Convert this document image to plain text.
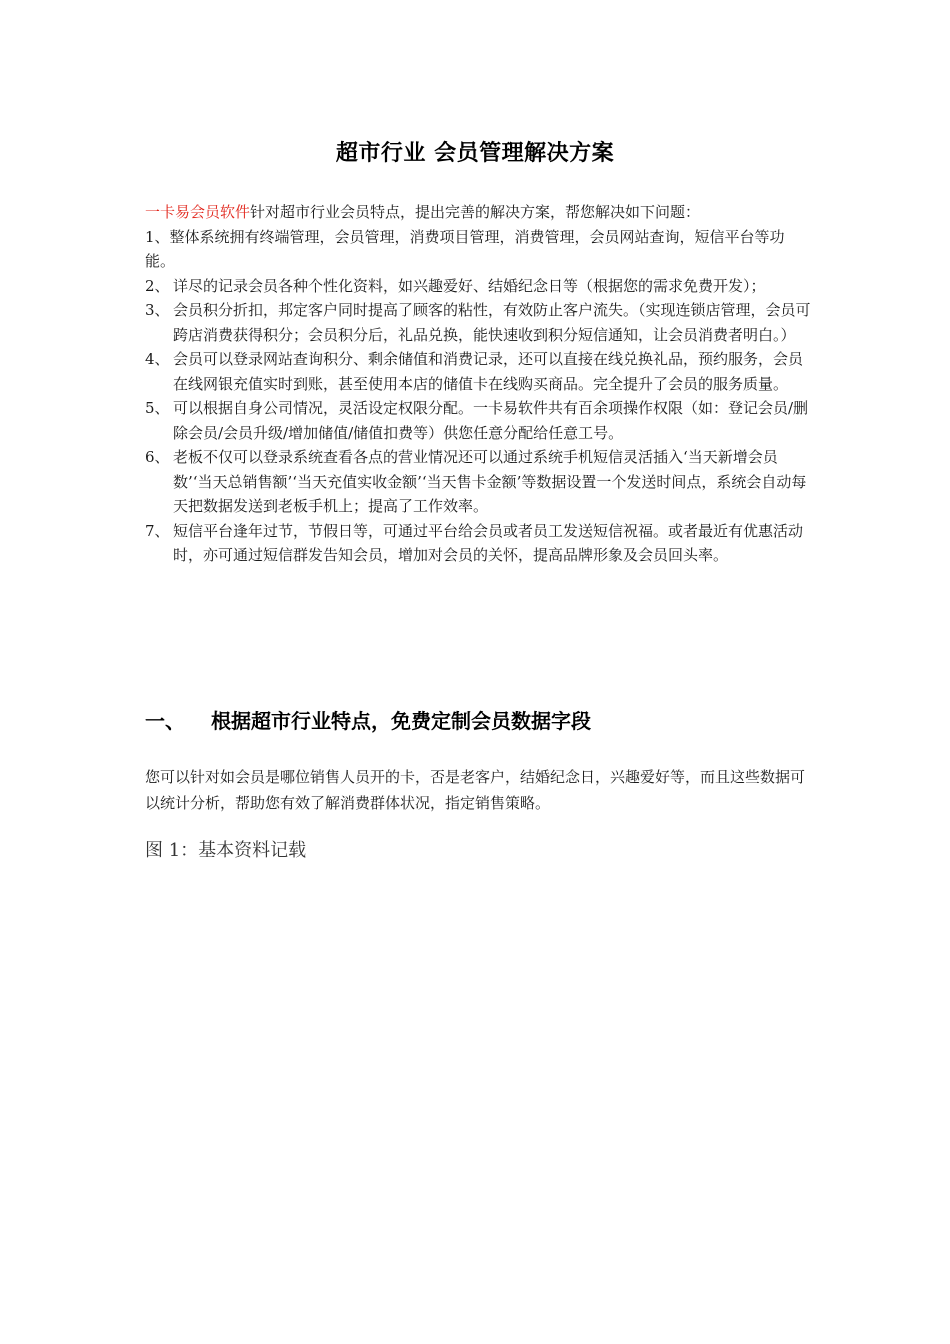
超市行业 会员管理解决方案

一卡易会员软件针对超市行业会员特点，提出完善的解决方案，帮您解决如下问题：

1、整体系统拥有终端管理，会员管理，消费项目管理，消费管理，会员网站查询，短信平台等功能。

2、 详尽的记录会员各种个性化资料，如兴趣爱好、结婚纪念日等（根据您的需求免费开发）；

3、 会员积分折扣，邦定客户同时提高了顾客的粘性，有效防止客户流失。（实现连锁店管理，会员可跨店消费获得积分；会员积分后，礼品兑换，能快速收到积分短信通知，让会员消费者明白。）

4、 会员可以登录网站查询积分、剩余储值和消费记录，还可以直接在线兑换礼品，预约服务，会员在线网银充值实时到账，甚至使用本店的储值卡在线购买商品。完全提升了会员的服务质量。

5、 可以根据自身公司情况，灵活设定权限分配。一卡易软件共有百余项操作权限（如：登记会员/删除会员/会员升级/增加储值/储值扣费等）供您任意分配给任意工号。

6、 老板不仅可以登录系统查看各点的营业情况还可以通过系统手机短信灵活插入‘当天新增会员数’‘当天总销售额’‘当天充值实收金额’‘当天售卡金额’等数据设置一个发送时间点，系统会自动每天把数据发送到老板手机上；提高了工作效率。

7、 短信平台逢年过节，节假日等，可通过平台给会员或者员工发送短信祝福。或者最近有优惠活动时，亦可通过短信群发告知会员，增加对会员的关怀，提高品牌形象及会员回头率。

一、 根据超市行业特点，免费定制会员数据字段

您可以针对如会员是哪位销售人员开的卡，否是老客户，结婚纪念日，兴趣爱好等，而且这些数据可以统计分析，帮助您有效了解消费群体状况，指定销售策略。

图 1：基本资料记载
